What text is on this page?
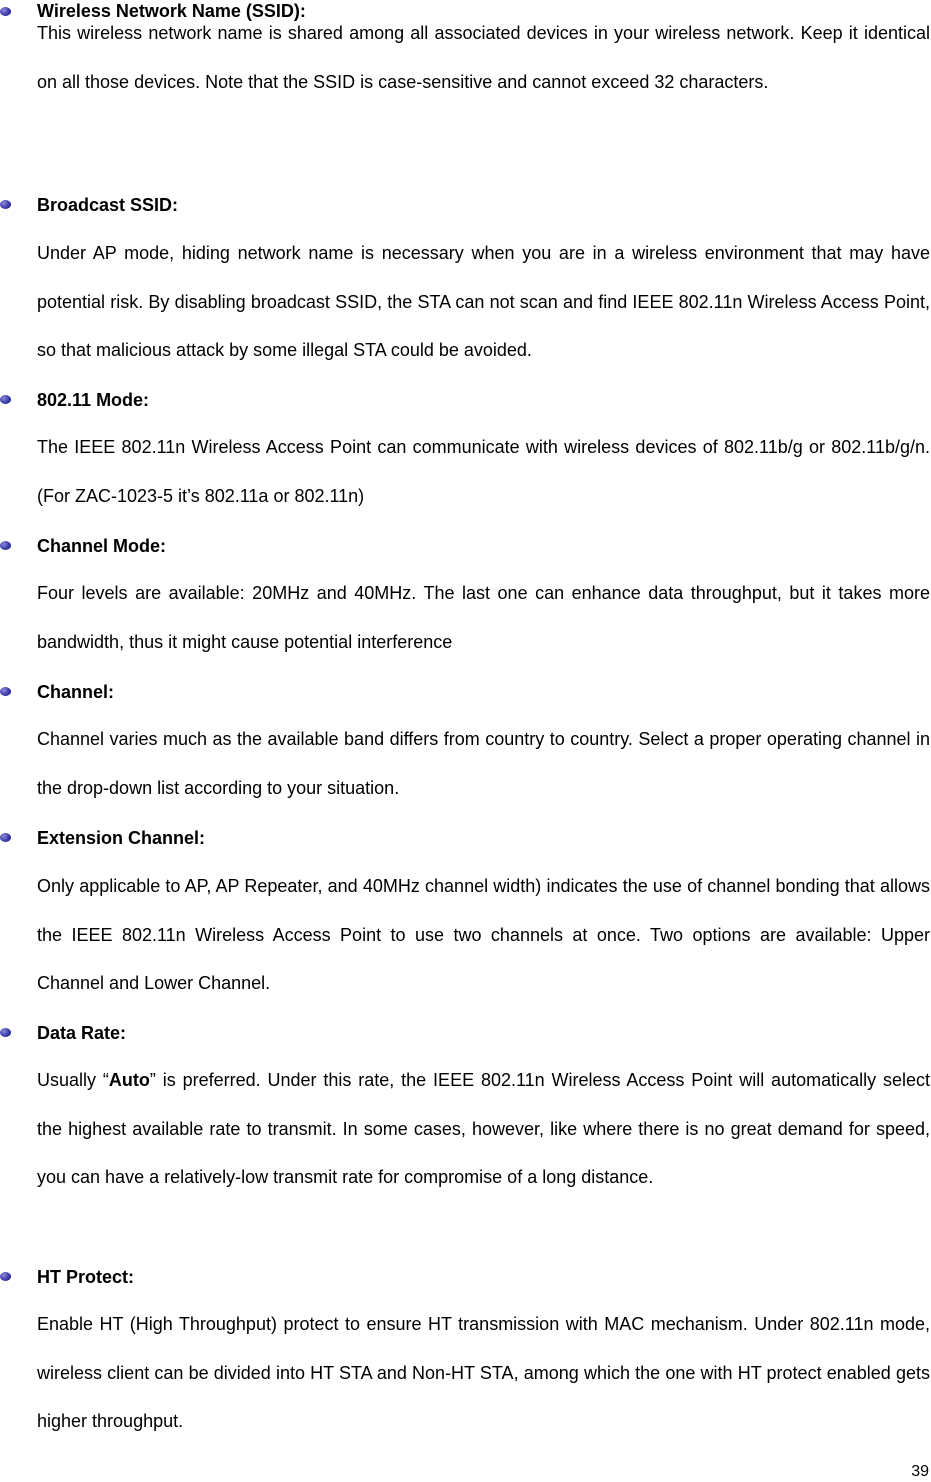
Wireless Network Name (SSID):

This wireless network name is shared among all associated devices in your wireless network. Keep it identical on all those devices. Note that the SSID is case-sensitive and cannot exceed 32 characters.

Broadcast SSID:

Under AP mode, hiding network name is necessary when you are in a wireless environment that may have potential risk. By disabling broadcast SSID, the STA can not scan and find IEEE 802.11n Wireless Access Point, so that malicious attack by some illegal STA could be avoided.

802.11 Mode:

The IEEE 802.11n Wireless Access Point can communicate with wireless devices of 802.11b/g or 802.11b/g/n. (For ZAC-1023-5 it’s 802.11a or 802.11n)

Channel Mode:

Four levels are available: 20MHz and 40MHz. The last one can enhance data throughput, but it takes more bandwidth, thus it might cause potential interference

Channel:

Channel varies much as the available band differs from country to country. Select a proper operating channel in the drop-down list according to your situation.

Extension Channel:

Only applicable to AP, AP Repeater, and 40MHz channel width) indicates the use of channel bonding that allows the IEEE 802.11n Wireless Access Point to use two channels at once. Two options are available: Upper Channel and Lower Channel.

Data Rate:

Usually “Auto” is preferred. Under this rate, the IEEE 802.11n Wireless Access Point will automatically select the highest available rate to transmit. In some cases, however, like where there is no great demand for speed, you can have a relatively-low transmit rate for compromise of a long distance.

HT Protect:

Enable HT (High Throughput) protect to ensure HT transmission with MAC mechanism. Under 802.11n mode, wireless client can be divided into HT STA and Non-HT STA, among which the one with HT protect enabled gets higher throughput.

39
